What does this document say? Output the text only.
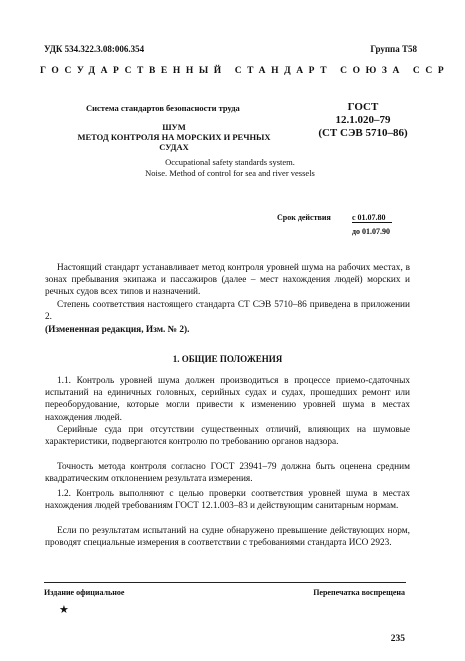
УДК 534.322.3.08:006.354	Группа Т58
ГОСУДАРСТВЕННЫЙ СТАНДАРТ СОЮЗА ССР
Система стандартов безопасности труда
ШУМ
МЕТОД КОНТРОЛЯ НА МОРСКИХ И РЕЧНЫХ
СУДАХ
ГОСТ
12.1.020–79
(СТ СЭВ 5710–86)
Occupational safety standards system.
Noise. Method of control for sea and river vessels
Срок действия	с 01.07.80
до 01.07.90
Настоящий стандарт устанавливает метод контроля уровней шума на рабочих местах, в зонах пребывания экипажа и пассажиров (далее – мест нахождения людей) морских и речных судов всех типов и назначений.
Степень соответствия настоящего стандарта СТ СЭВ 5710–86 приведена в приложении 2.
(Измененная редакция, Изм. № 2).
1. ОБЩИЕ ПОЛОЖЕНИЯ
1.1. Контроль уровней шума должен производиться в процессе приемо-сдаточных испытаний на единичных головных, серийных судах и судах, прошедших ремонт или переоборудование, которые могли привести к изменению уровней шума в местах нахождения людей.
Серийные суда при отсутствии существенных отличий, влияющих на шумовые характеристики, подвергаются контролю по требованию органов надзора.
Точность метода контроля согласно ГОСТ 23941–79 должна быть оценена средним квадратическим отклонением результата измерения.
1.2. Контроль выполняют с целью проверки соответствия уровней шума в местах нахождения людей требованиям ГОСТ 12.1.003–83 и действующим санитарным нормам.
Если по результатам испытаний на судне обнаружено превышение действующих норм, проводят специальные измерения в соответствии с требованиями стандарта ИСО 2923.
Издание официальное	Перепечатка воспрещена
★
235
